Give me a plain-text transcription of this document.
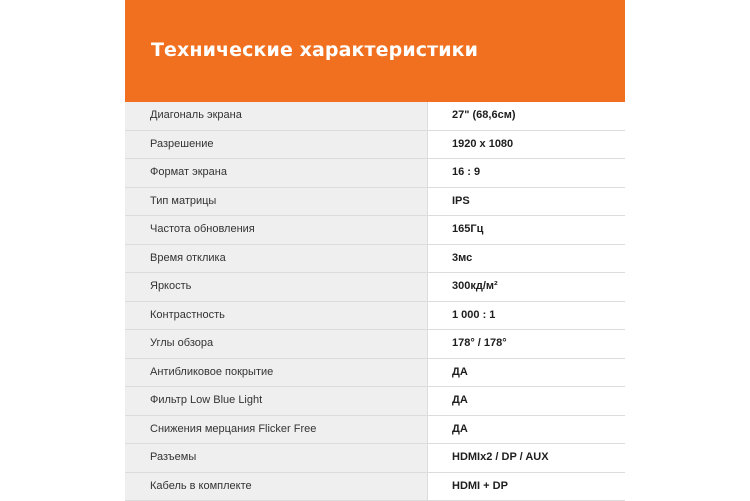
Технические характеристики
Диагональ экрана	27" (68,6см)
Разрешение	1920 x 1080
Формат экрана	16 : 9
Тип матрицы	IPS
Частота обновления	165Гц
Время отклика	3мс
Яркость	300кд/м²
Контрастность	1 000 : 1
Углы обзора	178° / 178°
Антибликовое покрытие	ДА
Фильтр Low Blue Light	ДА
Снижения мерцания Flicker Free	ДА
Разъемы	HDMIx2 / DP / AUX
Кабель в комплекте	HDMI + DP
